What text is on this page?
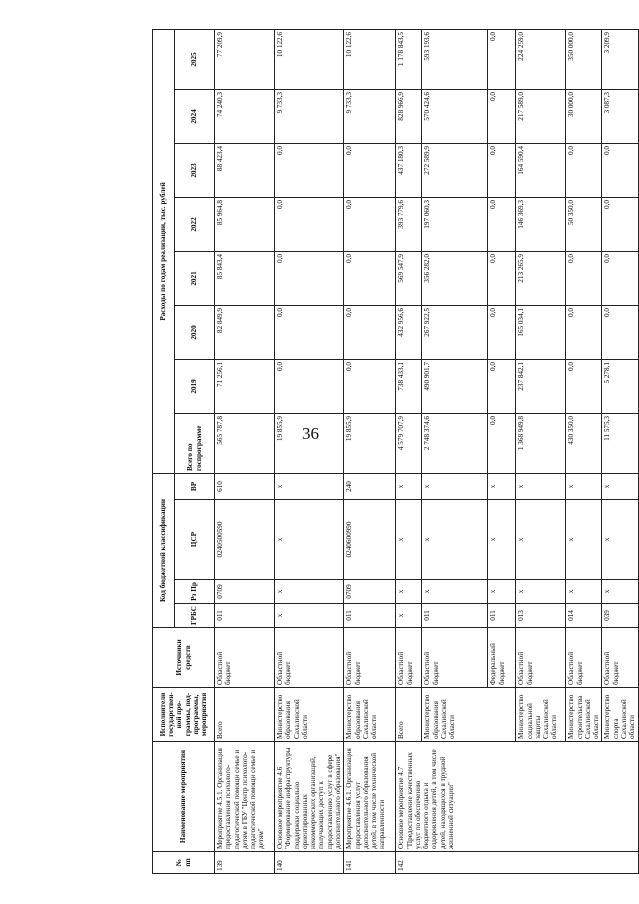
36
№ пп	Наименование мероприятия	Исполнители государствен-ной про-граммы, под-программы, мероприятия	Источники средств	Код бюджетной классификации				Расходы по годам реализации, тыс. рублей							
				ГРБС	Рз Пр	ЦСР	ВР	Всего по госпрограмме	2019	2020	2021	2022	2023	2024	2025
139	Мероприятие 4.5.1. Организация предоставления психолого-педагогической помощи семье и детям в ГБУ "Центр психолого-педагогической помощи семье и детям"	Всего	Областной бюджет	011	0709	0240500590	610	565 787,8	71 256,1	82 849,9	85 843,4	85 964,8	88 423,4	74 240,3	77 209,9
140	Основное мероприятие 4.6 "Формирование инфраструктуры поддержки социально ориентированных некоммерческих организаций, получающих доступ к предоставлению услуг в сфере дополнительного образования"	Министерство образования Сахалинской области	Областной бюджет	х	х	х	х	19 855,9	0,0	0,0	0,0	0,0	0,0	9 733,3	10 122,6
141	Мероприятие 4.6.1. Организация предоставления услуг дополнительного образования детей, в том числе технической направленности	Министерство образования Сахалинской области	Областной бюджет	011	0709	0240600990	240	19 855,9	0,0	0,0	0,0	0,0	0,0	9 733,3	10 122,6
142	Основное мероприятие 4.7 "Предоставление качественных услуг по обеспечению бюджетного отдыха и оздоровления детей, в том числе детей, находящихся в трудной жизненной ситуации"	Всего	Областной бюджет	х	х	х	х	4 579 707,9	738 433,1	432 956,6	569 547,9	393 779,6	437 180,3	828 966,9	1 178 843,5
		Министерство образования Сахалинской области	Областной бюджет	011	х	х	х	2 748 374,6	490 901,7	267 922,5	356 282,0	197 060,3	272 589,9	570 424,6	593 193,6
			Федеральный бюджет	011	х	х	х	0,0	0,0	0,0	0,0	0,0	0,0	0,0	0,0
		Министерство социальной защиты Сахалинской области	Областной бюджет	013	х	х	х	1 368 949,8	237 842,1	165 034,1	213 265,9	146 369,3	164 590,4	217 589,0	224 259,0
		Министерство строительства Сахалинской области	Областной бюджет	014	х	х	х	430 350,0	0,0	0,0	0,0	50 350,0	0,0	30 000,0	350 000,0
		Министерство спорта Сахалинской области	Областной бюджет	039	х	х	х	11 575,3	5 278,1	0,0	0,0	0,0	0,0	3 087,3	3 209,9
